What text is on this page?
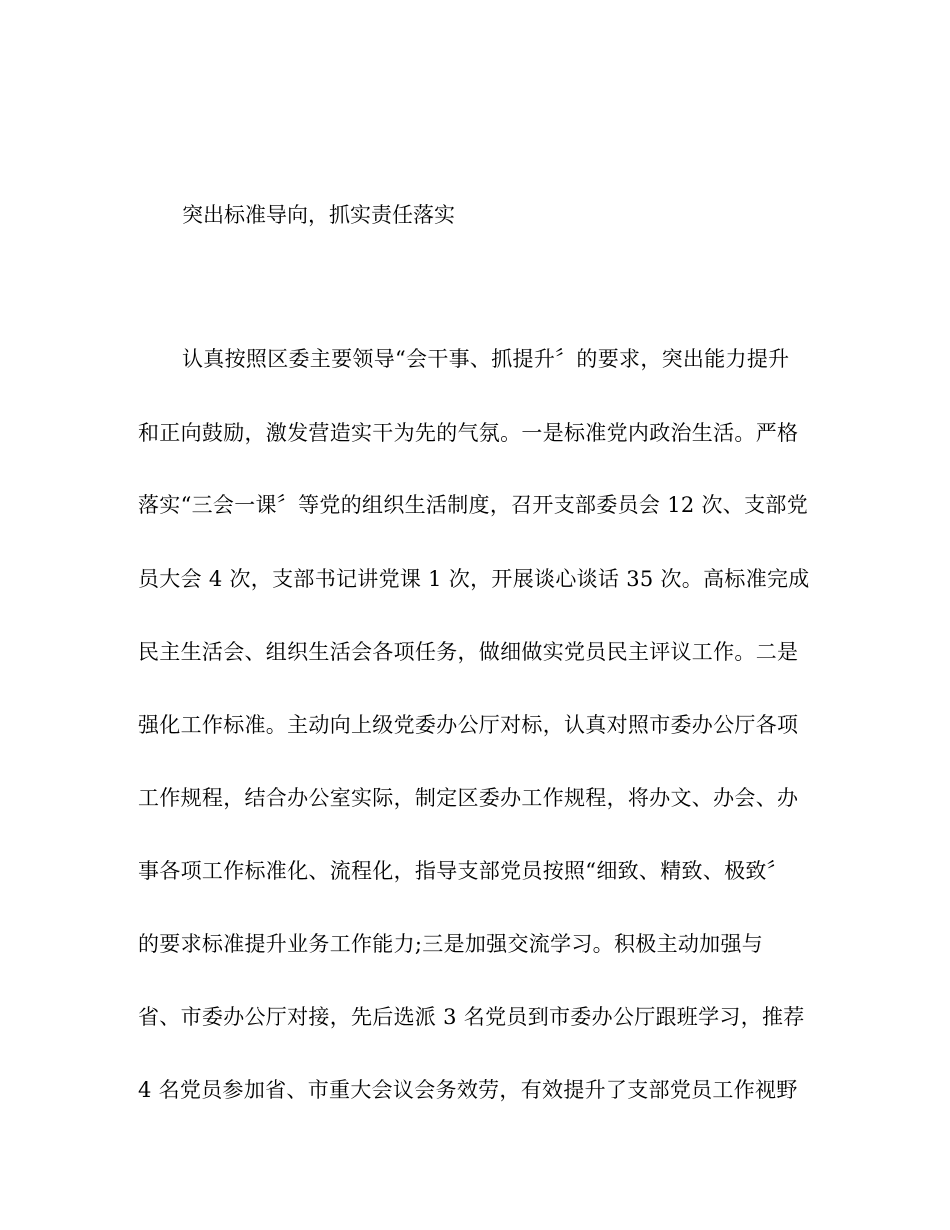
突出标准导向，抓实责任落实
认真按照区委主要领导“会干事、抓提升〞的要求，突出能力提升
和正向鼓励，激发营造实干为先的气氛。一是标准党内政治生活。严格
落实“三会一课〞等党的组织生活制度，召开支部委员会 12 次、支部党
员大会 4 次，支部书记讲党课 1 次，开展谈心谈话 35 次。高标准完成
民主生活会、组织生活会各项任务，做细做实党员民主评议工作。二是
强化工作标准。主动向上级党委办公厅对标，认真对照市委办公厅各项
工作规程，结合办公室实际，制定区委办工作规程，将办文、办会、办
事各项工作标准化、流程化，指导支部党员按照“细致、精致、极致〞
的要求标准提升业务工作能力;三是加强交流学习。积极主动加强与
省、市委办公厅对接，先后选派 3 名党员到市委办公厅跟班学习，推荐
4 名党员参加省、市重大会议会务效劳，有效提升了支部党员工作视野
